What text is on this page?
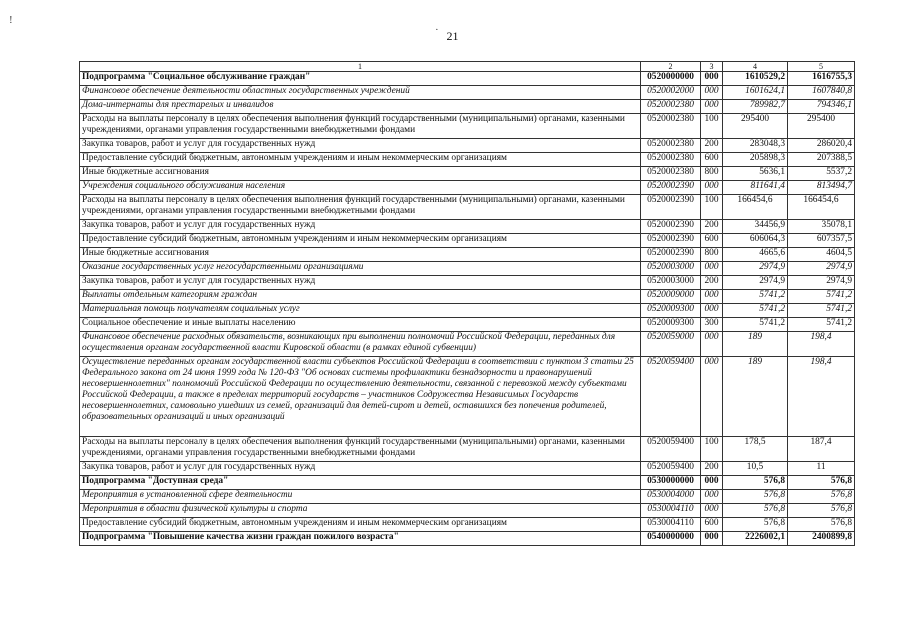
!
· 21
1	2	3	4	5
Подпрограмма "Социальное обслуживание граждан"	0520000000	000	1610529,2	1616755,3
Финансовое обеспечение деятельности областных государственных учреждений	0520002000	000	1601624,1	1607840,8
Дома-интернаты для престарелых и инвалидов	0520002380	000	789982,7	794346,1
Расходы на выплаты персоналу в целях обеспечения выполнения функций государственными (муниципальными) органами, казенными учреждениями, органами управления государственными внебюджетными фондами	0520002380	100	295400	295400
Закупка товаров, работ и услуг для государственных нужд	0520002380	200	283048,3	286020,4
Предоставление субсидий бюджетным, автономным учреждениям и иным некоммерческим организациям	0520002380	600	205898,3	207388,5
Иные бюджетные ассигнования	0520002380	800	5636,1	5537,2
Учреждения социального обслуживания населения	0520002390	000	811641,4	813494,7
Расходы на выплаты персоналу в целях обеспечения выполнения функций государственными (муниципальными) органами, казенными учреждениями, органами управления государственными внебюджетными фондами	0520002390	100	166454,6	166454,6
Закупка товаров, работ и услуг для государственных нужд	0520002390	200	34456,9	35078,1
Предоставление субсидий бюджетным, автономным учреждениям и иным некоммерческим организациям	0520002390	600	606064,3	607357,5
Иные бюджетные ассигнования	0520002390	800	4665,6	4604,5
Оказание государственных услуг негосударственными организациями	0520003000	000	2974,9	2974,9
Закупка товаров, работ и услуг для государственных нужд	0520003000	200	2974,9	2974,9
Выплаты отдельным категориям граждан	0520009000	000	5741,2	5741,2
Материальная помощь получателям социальных услуг	0520009300	000	5741,2	5741,2
Социальное обеспечение и иные выплаты населению	0520009300	300	5741,2	5741,2
Финансовое обеспечение расходных обязательств, возникающих при выполнении полномочий Российской Федерации, переданных для осуществления органам государственной власти Кировской области (в рамках единой субвенции)	0520059000	000	189	198,4
Осуществление переданных органам государственной власти субъектов Российской Федерации в соответствии с пунктом 3 статьи 25 Федерального закона от 24 июня 1999 года № 120-ФЗ "Об основах системы профилактики безнадзорности и правонарушений несовершеннолетних" полномочий Российской Федерации по осуществлению деятельности, связанной с перевозкой между субъектами Российской Федерации, а также в пределах территорий государств – участников Содружества Независимых Государств несовершеннолетних, самовольно ушедших из семей, организаций для детей-сирот и детей, оставшихся без попечения родителей, образовательных организаций и иных организаций	0520059400	000	189	198,4
Расходы на выплаты персоналу в целях обеспечения выполнения функций государственными (муниципальными) органами, казенными учреждениями, органами управления государственными внебюджетными фондами	0520059400	100	178,5	187,4
Закупка товаров, работ и услуг для государственных нужд	0520059400	200	10,5	11
Подпрограмма "Доступная среда"	0530000000	000	576,8	576,8
Мероприятия в установленной сфере деятельности	0530004000	000	576,8	576,8
Мероприятия в области физической культуры и спорта	0530004110	000	576,8	576,8
Предоставление субсидий бюджетным, автономным учреждениям и иным некоммерческим организациям	0530004110	600	576,8	576,8
Подпрограмма "Повышение качества жизни граждан пожилого возраста"	0540000000	000	2226002,1	2400899,8
